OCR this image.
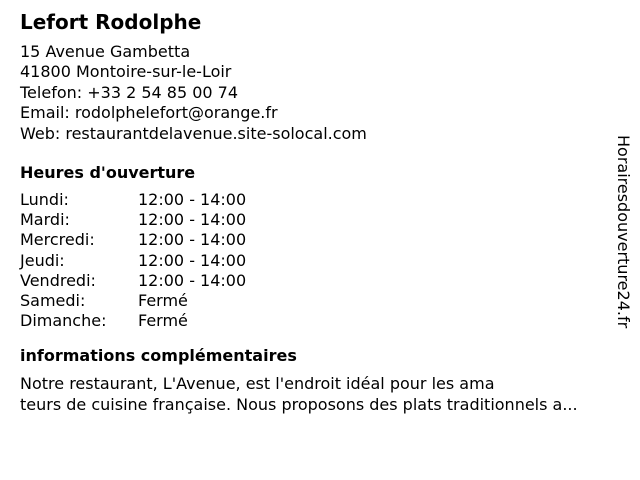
Lefort Rodolphe
15 Avenue Gambetta
41800 Montoire-sur-le-Loir
Telefon: +33 2 54 85 00 74
Email: rodolphelefort@orange.fr
Web: restaurantdelavenue.site-solocal.com
Heures d'ouverture
Lundi:	12:00 - 14:00
Mardi:	12:00 - 14:00
Mercredi:	12:00 - 14:00
Jeudi:	12:00 - 14:00
Vendredi:	12:00 - 14:00
Samedi:	Fermé
Dimanche:	Fermé
informations complémentaires
Notre restaurant, L'Avenue, est l'endroit idéal pour les ama
teurs de cuisine française. Nous proposons des plats traditionnels a...
Horairesdouverture24.fr
